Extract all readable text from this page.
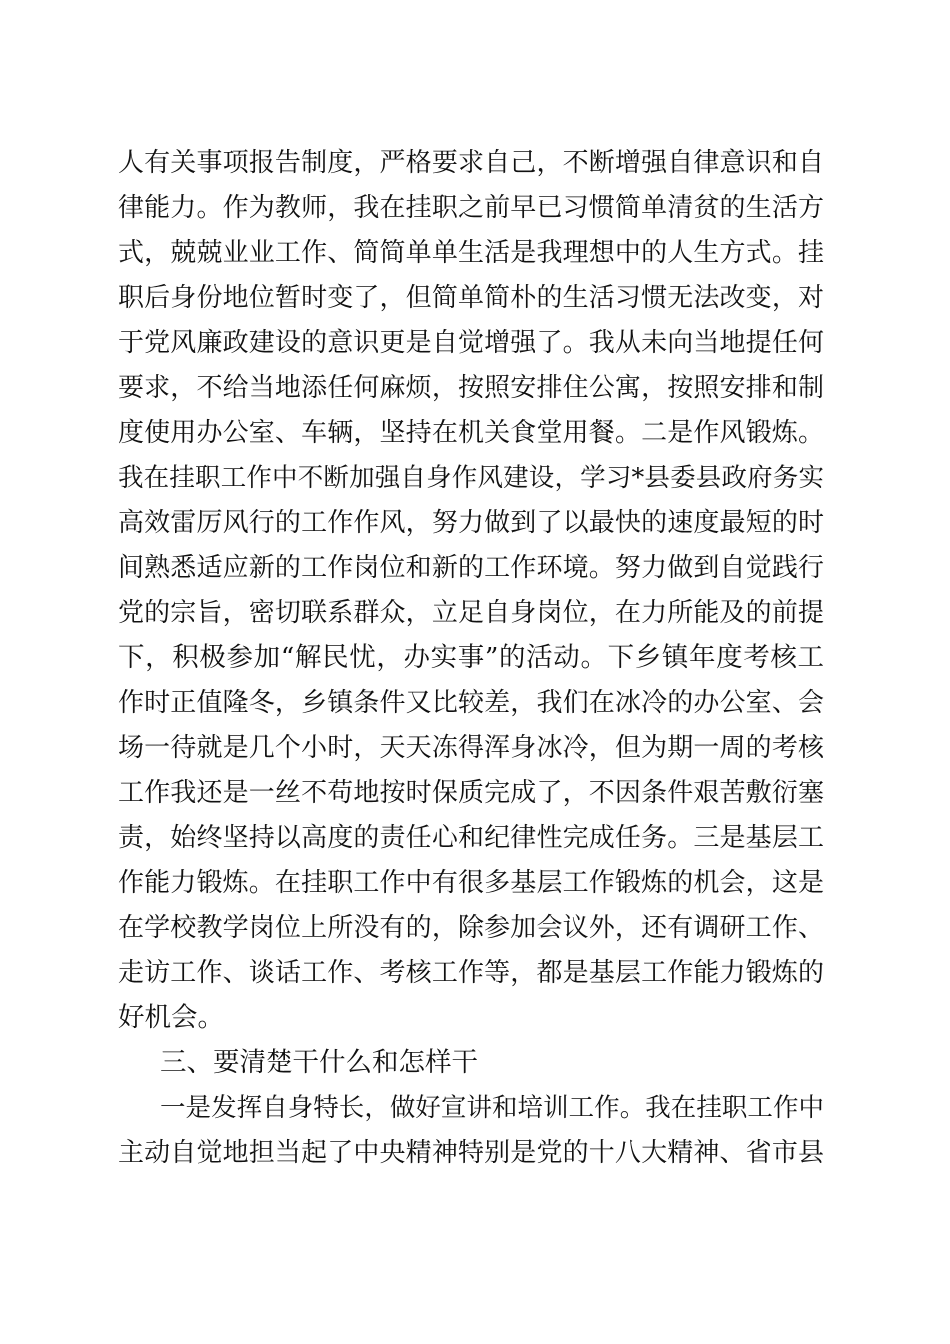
人有关事项报告制度，严格要求自己，不断增强自律意识和自
律能力。作为教师，我在挂职之前早已习惯简单清贫的生活方
式，兢兢业业工作、简简单单生活是我理想中的人生方式。挂
职后身份地位暂时变了，但简单简朴的生活习惯无法改变，对
于党风廉政建设的意识更是自觉增强了。我从未向当地提任何
要求，不给当地添任何麻烦，按照安排住公寓，按照安排和制
度使用办公室、车辆，坚持在机关食堂用餐。二是作风锻炼。
我在挂职工作中不断加强自身作风建设，学习*县委县政府务实
高效雷厉风行的工作作风，努力做到了以最快的速度最短的时
间熟悉适应新的工作岗位和新的工作环境。努力做到自觉践行
党的宗旨，密切联系群众，立足自身岗位，在力所能及的前提
下，积极参加“解民忧，办实事”的活动。下乡镇年度考核工
作时正值隆冬，乡镇条件又比较差，我们在冰冷的办公室、会
场一待就是几个小时，天天冻得浑身冰冷，但为期一周的考核
工作我还是一丝不苟地按时保质完成了，不因条件艰苦敷衍塞
责，始终坚持以高度的责任心和纪律性完成任务。三是基层工
作能力锻炼。在挂职工作中有很多基层工作锻炼的机会，这是
在学校教学岗位上所没有的，除参加会议外，还有调研工作、
走访工作、谈话工作、考核工作等，都是基层工作能力锻炼的
好机会。
三、要清楚干什么和怎样干
一是发挥自身特长，做好宣讲和培训工作。我在挂职工作中
主动自觉地担当起了中央精神特别是党的十八大精神、省市县
